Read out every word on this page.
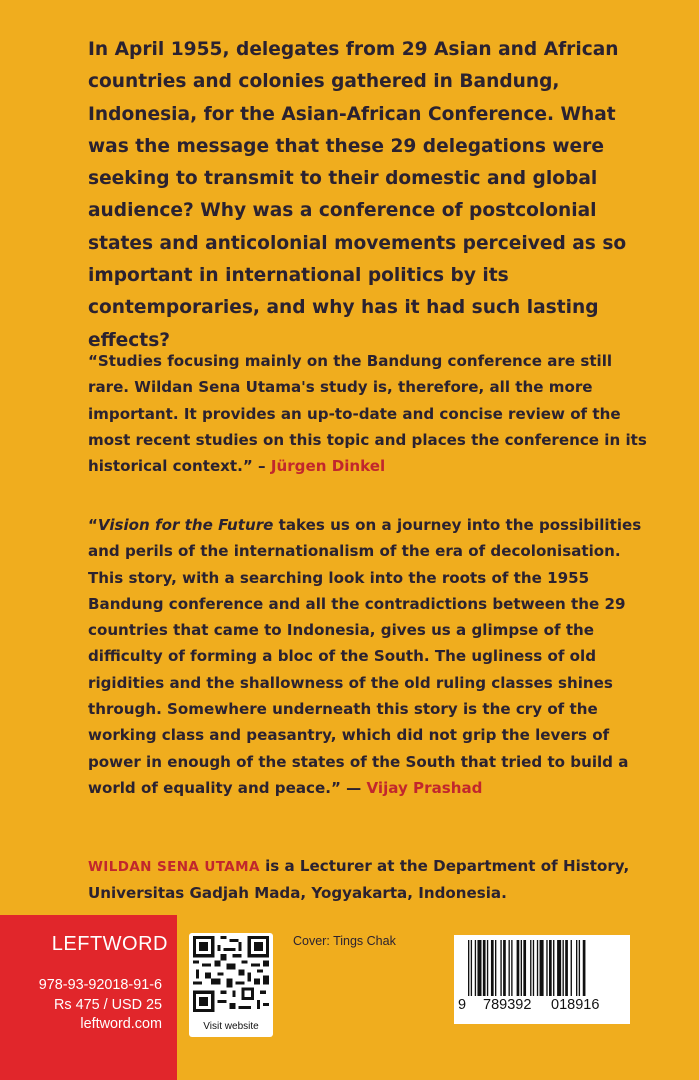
In April 1955, delegates from 29 Asian and African countries and colonies gathered in Bandung, Indonesia, for the Asian-African Conference. What was the message that these 29 delegations were seeking to transmit to their domestic and global audience? Why was a conference of postcolonial states and anticolonial movements perceived as so important in international politics by its contemporaries, and why has it had such lasting effects?

“Studies focusing mainly on the Bandung conference are still rare. Wildan Sena Utama's study is, therefore, all the more important. It provides an up-to-date and concise review of the most recent studies on this topic and places the conference in its historical context.” – Jürgen Dinkel

“Vision for the Future takes us on a journey into the possibilities and perils of the internationalism of the era of decolonisation. This story, with a searching look into the roots of the 1955 Bandung conference and all the contradictions between the 29 countries that came to Indonesia, gives us a glimpse of the difficulty of forming a bloc of the South. The ugliness of old rigidities and the shallowness of the old ruling classes shines through. Somewhere underneath this story is the cry of the working class and peasantry, which did not grip the levers of power in enough of the states of the South that tried to build a world of equality and peace.” — Vijay Prashad

WILDAN SENA UTAMA is a Lecturer at the Department of History, Universitas Gadjah Mada, Yogyakarta, Indonesia.

LEFTWORD
978-93-92018-91-6
Rs 475 / USD 25
leftword.com	Visit website
Cover: Tings Chak
9 789392 018916
